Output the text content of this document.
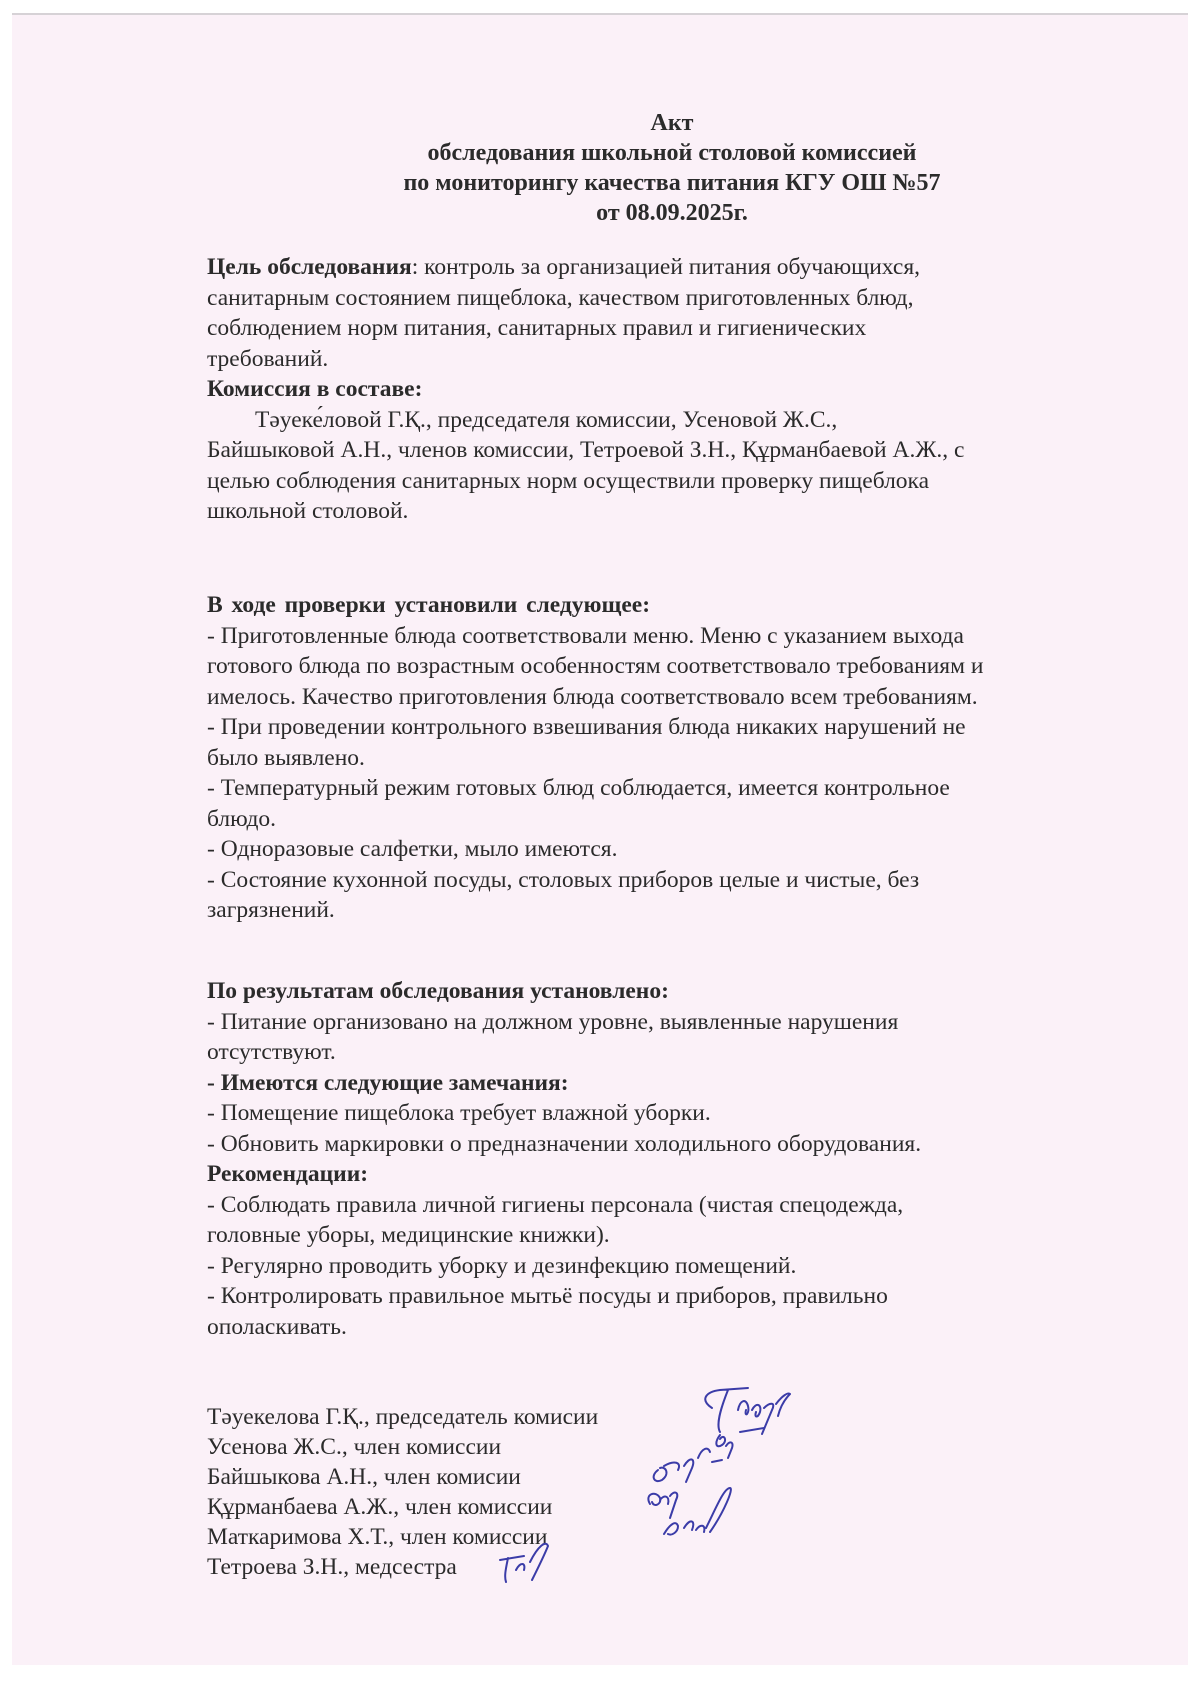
Акт
обследования школьной столовой комиссией
по мониторингу качества питания КГУ ОШ №57
от 08.09.2025г.

Цель обследования: контроль за организацией питания обучающихся,

санитарным состоянием пищеблока, качеством приготовленных блюд,

соблюдением норм питания, санитарных правил и гигиенических

требований.

Комиссия в составе:

Тәуеке́ловой Г.Қ., председателя комиссии, Усеновой Ж.С.,

Байшыковой А.Н., членов комиссии, Тетроевой З.Н., Құрманбаевой А.Ж., с

целью соблюдения санитарных норм осуществили проверку пищеблока

школьной столовой.

В ходе проверки установили следующее:

- Приготовленные блюда соответствовали меню. Меню с указанием выхода

готового блюда по возрастным особенностям соответствовало требованиям и

имелось. Качество приготовления блюда соответствовало всем требованиям.

- При проведении контрольного взвешивания блюда никаких нарушений не

было выявлено.

- Температурный режим готовых блюд соблюдается, имеется контрольное

блюдо.

- Одноразовые салфетки, мыло имеются.

- Состояние кухонной посуды, столовых приборов целые и чистые, без

загрязнений.

По результатам обследования установлено:

- Питание организовано на должном уровне, выявленные нарушения

отсутствуют.

- Имеются следующие замечания:

- Помещение пищеблока требует влажной уборки.

- Обновить маркировки о предназначении холодильного оборудования.

Рекомендации:

- Соблюдать правила личной гигиены персонала (чистая спецодежда,

головные уборы, медицинские книжки).

- Регулярно проводить уборку и дезинфекцию помещений.

- Контролировать правильное мытьё посуды и приборов, правильно

ополаскивать.

Тәуекелова Г.Қ., председатель комисии

Усенова Ж.С., член комиссии

Байшыкова А.Н., член комисии

Құрманбаева А.Ж., член комиссии

Маткаримова Х.Т., член комиссии

Тетроева З.Н., медсестра
